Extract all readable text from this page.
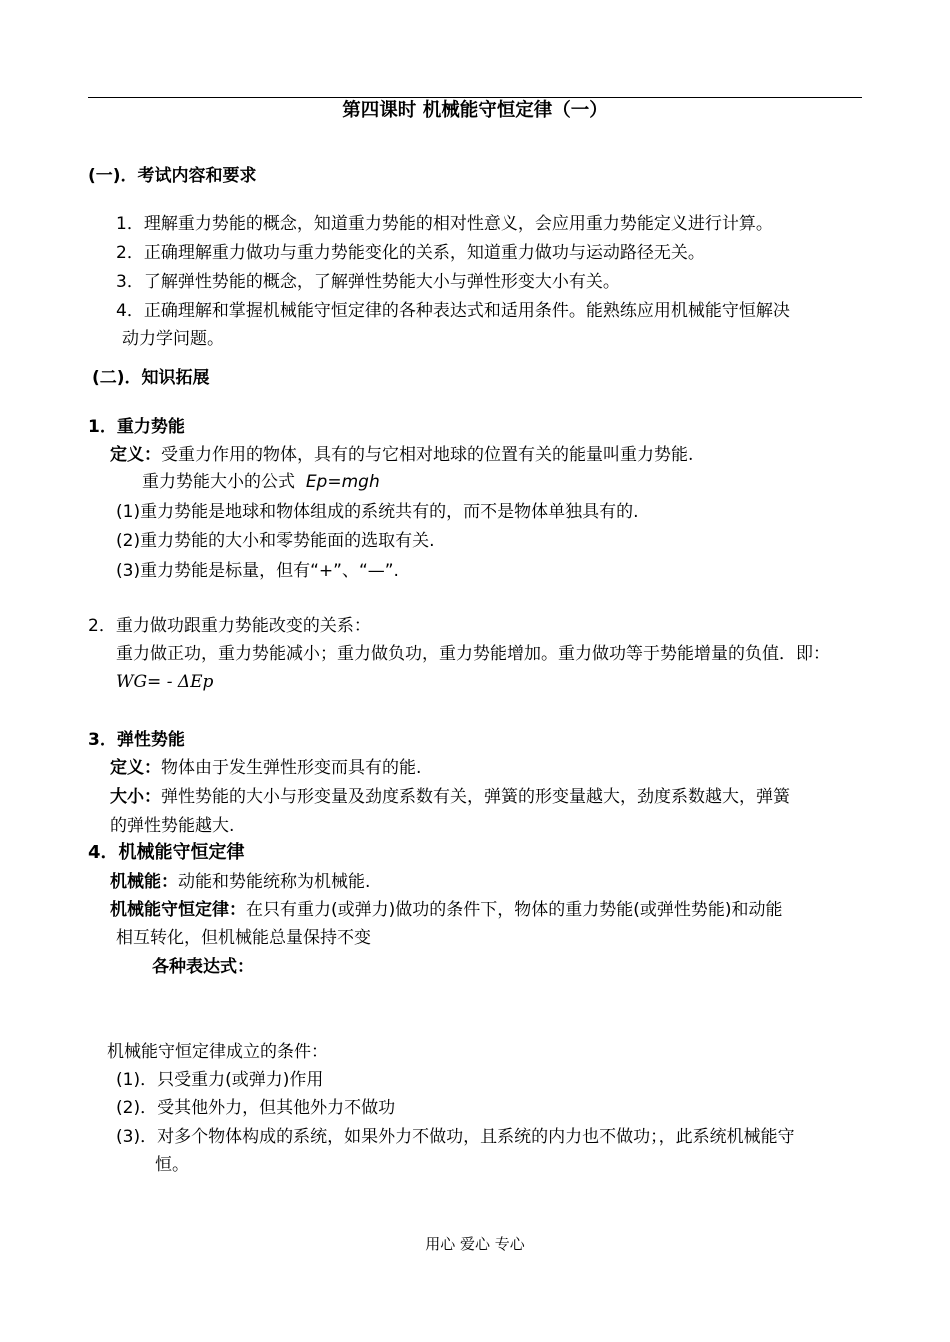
第四课时 机械能守恒定律（一）
(一)．考试内容和要求
1．理解重力势能的概念，知道重力势能的相对性意义，会应用重力势能定义进行计算。
2．正确理解重力做功与重力势能变化的关系，知道重力做功与运动路径无关。
3．了解弹性势能的概念，了解弹性势能大小与弹性形变大小有关。
4．正确理解和掌握机械能守恒定律的各种表达式和适用条件。能熟练应用机械能守恒解决
动力学问题。
(二)．知识拓展
1．重力势能
定义：受重力作用的物体，具有的与它相对地球的位置有关的能量叫重力势能.
重力势能大小的公式 Ep=mgh
(1)重力势能是地球和物体组成的系统共有的，而不是物体单独具有的.
(2)重力势能的大小和零势能面的选取有关.
(3)重力势能是标量，但有“+”、“—”.
2．重力做功跟重力势能改变的关系：
重力做正功，重力势能减小；重力做负功，重力势能增加。重力做功等于势能增量的负值．即：
WG= - ΔEp
3．弹性势能
定义：物体由于发生弹性形变而具有的能.
大小：弹性势能的大小与形变量及劲度系数有关，弹簧的形变量越大，劲度系数越大，弹簧
的弹性势能越大.
4．机械能守恒定律
机械能：动能和势能统称为机械能.
机械能守恒定律：在只有重力(或弹力)做功的条件下，物体的重力势能(或弹性势能)和动能
相互转化，但机械能总量保持不变
各种表达式：
机械能守恒定律成立的条件：
(1)．只受重力(或弹力)作用
(2)．受其他外力，但其他外力不做功
(3)．对多个物体构成的系统，如果外力不做功，且系统的内力也不做功；，此系统机械能守
恒。
用心 爱心 专心
